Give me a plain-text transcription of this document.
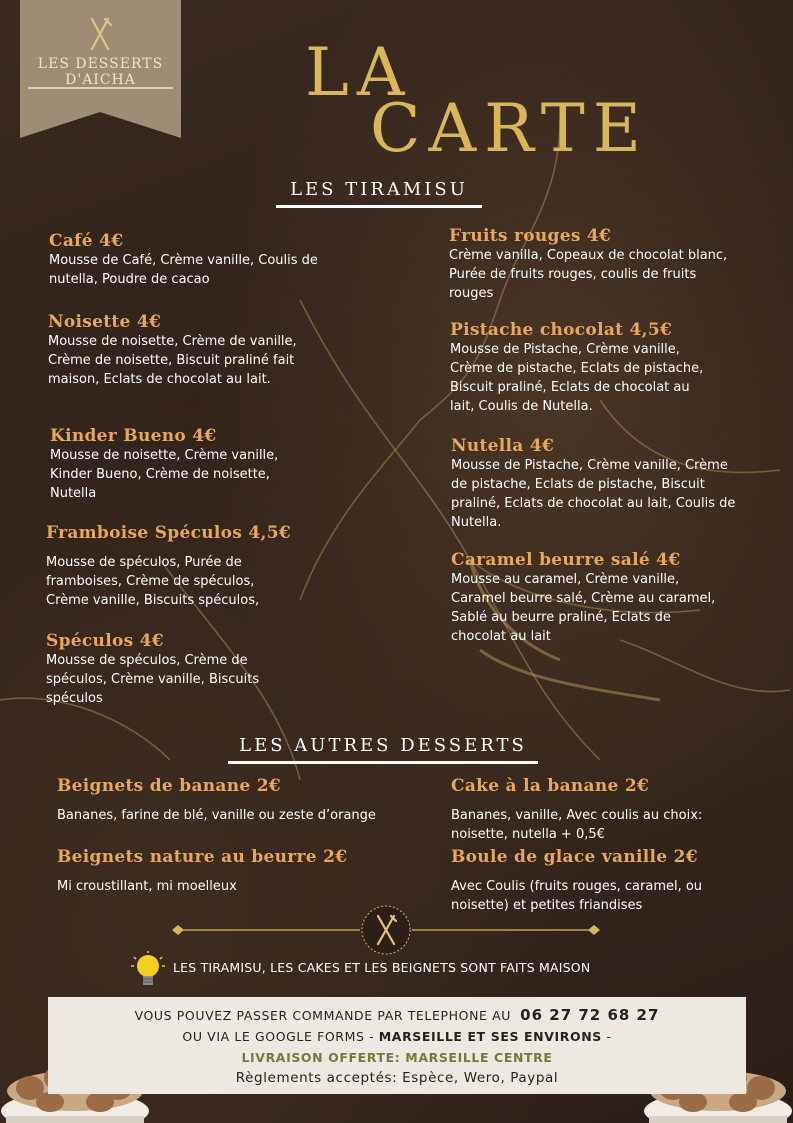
LES DESSERTS
D'AICHA	LA
CARTE
LES TIRAMISU
Café 4€
Mousse de Café, Crème vanille, Coulis de nutella, Poudre de cacao
Noisette 4€
Mousse de noisette, Crème de vanille, Crème de noisette, Biscuit praliné fait maison, Eclats de chocolat au lait.
Kinder Bueno 4€
Mousse de noisette, Crème vanille, Kinder Bueno, Crème de noisette, Nutella
Framboise Spéculos 4,5€
Mousse de spéculos, Purée de framboises, Crème de spéculos, Crème vanille, Biscuits spéculos,
Spéculos 4€
Mousse de spéculos, Crème de spéculos, Crème vanille, Biscuits spéculos
Fruits rouges 4€
Crème vanilla, Copeaux de chocolat blanc, Purée de fruits rouges, coulis de fruits rouges
Pistache chocolat 4,5€
Mousse de Pistache, Crème vanille, Crème de pistache, Eclats de pistache, Biscuit praliné, Eclats de chocolat au lait, Coulis de Nutella.
Nutella 4€
Mousse de Pistache, Crème vanille, Crème de pistache, Eclats de pistache, Biscuit praliné, Eclats de chocolat au lait, Coulis de Nutella.
Caramel beurre salé 4€
Mousse au caramel, Crème vanille, Caramel beurre salé, Crème au caramel, Sablé au beurre praliné, Eclats de chocolat au lait
LES AUTRES DESSERTS
Beignets de banane 2€
Bananes, farine de blé, vanille ou zeste d’orange
Beignets nature au beurre 2€
Mi croustillant, mi moelleux
Cake à la banane 2€
Bananes, vanille, Avec coulis au choix: noisette, nutella + 0,5€
Boule de glace vanille 2€
Avec Coulis (fruits rouges, caramel, ou noisette) et petites friandises
LES TIRAMISU, LES CAKES ET LES BEIGNETS SONT FAITS MAISON
VOUS POUVEZ PASSER COMMANDE PAR TELEPHONE AU 06 27 72 68 27
OU VIA LE GOOGLE FORMS - MARSEILLE ET SES ENVIRONS -
LIVRAISON OFFERTE: MARSEILLE CENTRE
Règlements acceptés: Espèce, Wero, Paypal
